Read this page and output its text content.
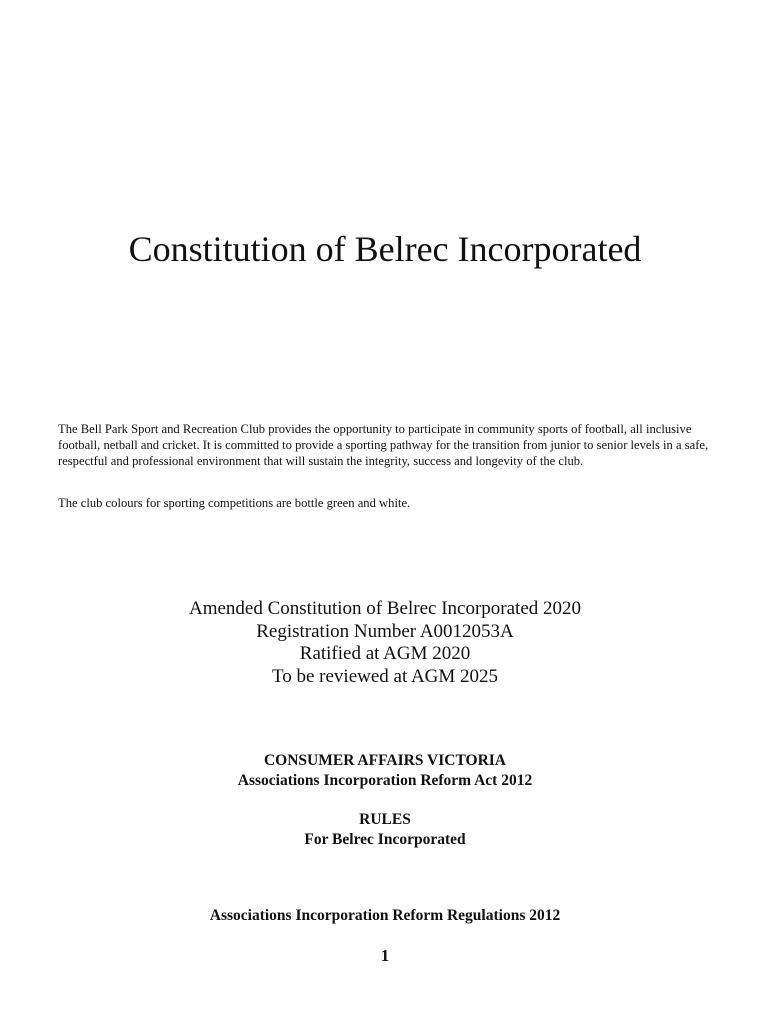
Constitution of Belrec Incorporated

The Bell Park Sport and Recreation Club provides the opportunity to participate in community sports of football, all inclusive football, netball and cricket. It is committed to provide a sporting pathway for the transition from junior to senior levels in a safe, respectful and professional environment that will sustain the integrity, success and longevity of the club.

The club colours for sporting competitions are bottle green and white.

Amended Constitution of Belrec Incorporated 2020
Registration Number A0012053A
Ratified at AGM 2020
To be reviewed at AGM 2025
CONSUMER AFFAIRS VICTORIA
Associations Incorporation Reform Act 2012
RULES
For Belrec Incorporated
Associations Incorporation Reform Regulations 2012
1
